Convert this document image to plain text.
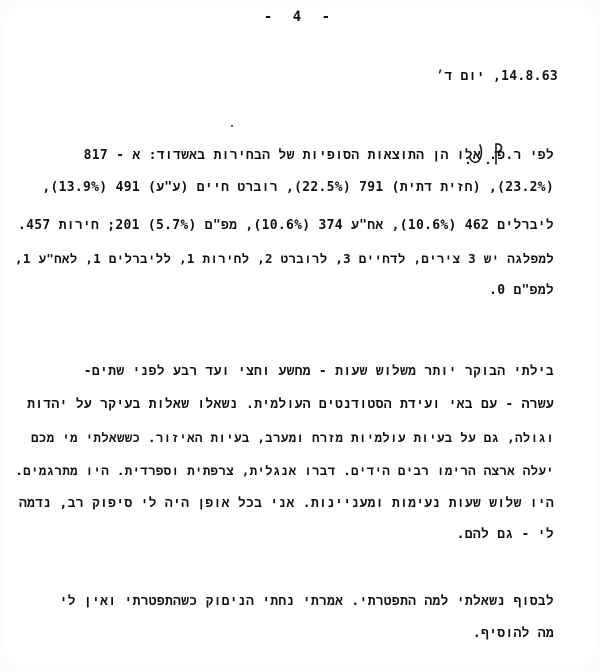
- 4 -
14.8.63, יום ד׳
לפי ר.פ. אלו הן התוצאות הסופיות של הבחירות באשדוד: א - 817
(23.2%), (חזית דתית) 791 (22.5%), רוברט חיים (ע"ע) 491 (13.9%),
ליברלים 462 (10.6%), אח"ע 374 (10.6%), מפ"ם (5.7%) 201; חירות 457.
למפלגה יש 3 צירים, לדחיים 3, לרוברט 2, לחירות 1, לליברלים 1, לאח"ע 1,
למפ"ם 0.
בילתי הבוקר יותר משלוש שעות - מחשע וחצי ועד רבע לפני שתים-
עשרה - עם באי ועידת הסטודנטים העולמית. נשאלו שאלות בעיקר על יהדות
וגולה, גם על בעיות עולמיות מזרח ומערב, בעיות האיזור. כששאלתי מי מכם
יעלה ארצה הרימו רבים הידים. דברו אנגלית, צרפתית וספרדית. היו מתרגמים.
היו שלוש שעות נעימות ומעניינות. אני בכל אופן היה לי סיפוק רב, נדמה
לי - גם להם.
לבסוף נשאלתי למה התפטרתי. אמרתי נחתי הניםוק כשהתפטרתי ואין לי
מה להוסיף.
